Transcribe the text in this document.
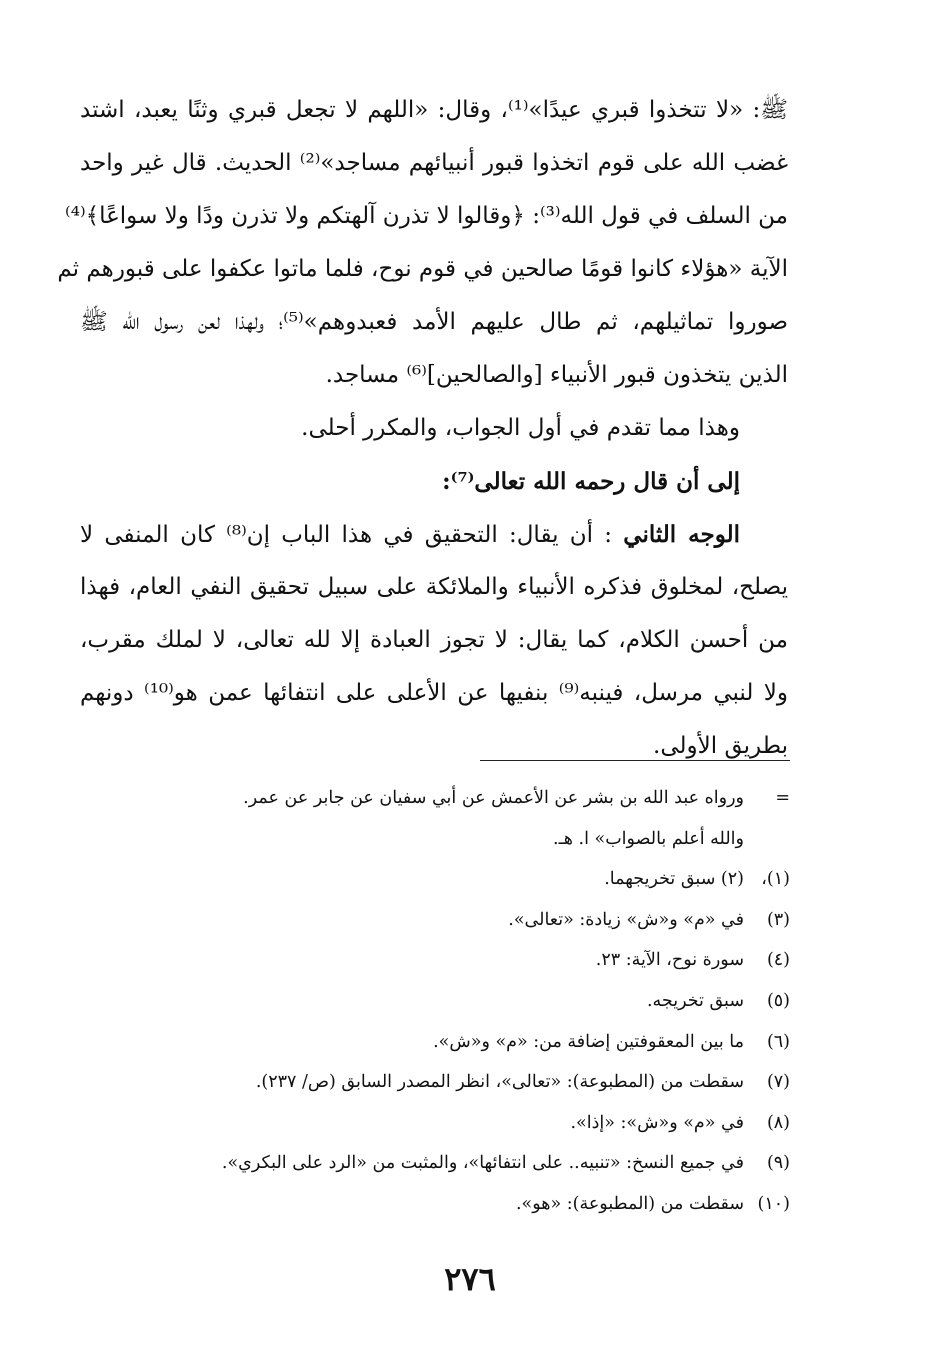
ﷺ: «لا تتخذوا قبري عيدًا»⁽¹⁾، وقال: «اللهم لا تجعل قبري وثنًا يعبد، اشتد
غضب الله على قوم اتخذوا قبور أنبيائهم مساجد»⁽²⁾ الحديث. قال غير واحد
من السلف في قول الله⁽³⁾: ﴿وقالوا لا تذرن آلهتكم ولا تذرن ودًا ولا سواعًا﴾⁽⁴⁾
الآية «هؤلاء كانوا قومًا صالحين في قوم نوح، فلما ماتوا عكفوا على قبورهم ثم
صوروا تماثيلهم، ثم طال عليهم الأمد فعبدوهم»⁽⁵⁾؛ ولهذا لعن رسول الله ﷺ
الذين يتخذون قبور الأنبياء [والصالحين]⁽⁶⁾ مساجد.
وهذا مما تقدم في أول الجواب، والمكرر أحلى.
إلى أن قال رحمه الله تعالى⁽⁷⁾:
الوجه الثاني : أن يقال: التحقيق في هذا الباب إن⁽⁸⁾ كان المنفى لا
يصلح، لمخلوق فذكره الأنبياء والملائكة على سبيل تحقيق النفي العام، فهذا
من أحسن الكلام، كما يقال: لا تجوز العبادة إلا لله تعالى، لا لملك مقرب،
ولا لنبي مرسل، فينبه⁽⁹⁾ بنفيها عن الأعلى على انتفائها عمن هو⁽¹⁰⁾ دونهم
بطريق الأولى.
=
ورواه عبد الله بن بشر عن الأعمش عن أبي سفيان عن جابر عن عمر.
والله أعلم بالصواب» ا. هـ.
(١)،
(٢) سبق تخريجهما.
(٣)
في «م» و«ش» زيادة: «تعالى».
(٤)
سورة نوح، الآية: ٢٣.
(٥)
سبق تخريجه.
(٦)
ما بين المعقوفتين إضافة من: «م» و«ش».
(٧)
سقطت من (المطبوعة): «تعالى»، انظر المصدر السابق (ص/ ٢٣٧).
(٨)
في «م» و«ش»: «إذا».
(٩)
في جميع النسخ: «تنبيه.. على انتفائها»، والمثبت من «الرد على البكري».
(١٠)
سقطت من (المطبوعة): «هو».
٢٧٦
